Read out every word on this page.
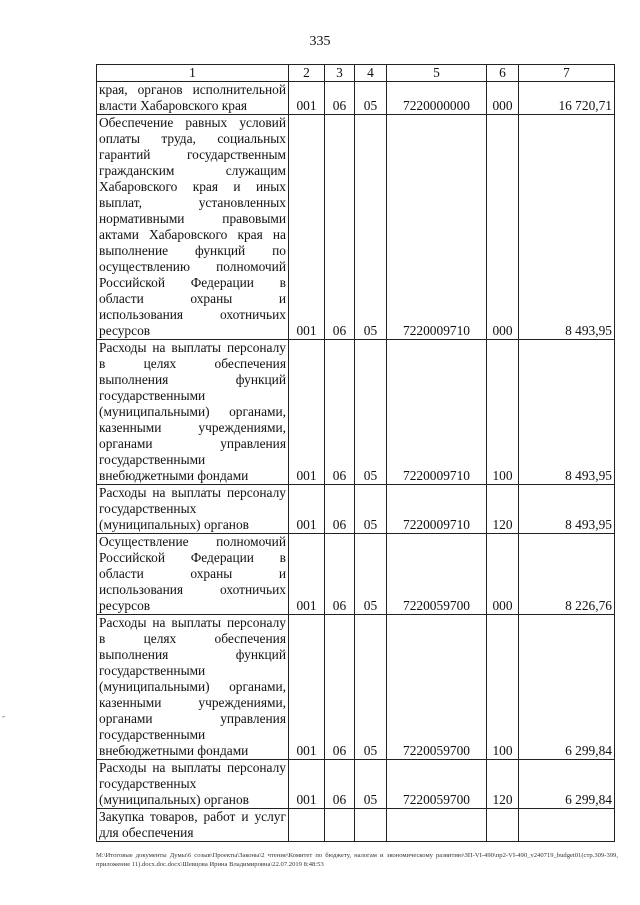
335
1	2	3	4	5	6	7
края, органов исполнительной власти Хабаровского края	001	06	05	7220000000	000	16 720,71
Обеспечение равных условий оплаты труда, социальных гарантий государственным гражданским служащим Хабаровского края и иных выплат, установленных нормативными правовыми актами Хабаровского края на выполнение функций по осуществлению полномочий Российской Федерации в области охраны и использования охотничьих ресурсов	001	06	05	7220009710	000	8 493,95
Расходы на выплаты персоналу в целях обеспечения выполнения функций государственными (муниципальными) органами, казенными учреждениями, органами управления государственными внебюджетными фондами	001	06	05	7220009710	100	8 493,95
Расходы на выплаты персоналу государственных (муниципальных) органов	001	06	05	7220009710	120	8 493,95
Осуществление полномочий Российской Федерации в области охраны и использования охотничьих ресурсов	001	06	05	7220059700	000	8 226,76
Расходы на выплаты персоналу в целях обеспечения выполнения функций государственными (муниципальными) органами, казенными учреждениями, органами управления государственными внебюджетными фондами	001	06	05	7220059700	100	6 299,84
Расходы на выплаты персоналу государственных (муниципальных) органов	001	06	05	7220059700	120	6 299,84
Закупка товаров, работ и услуг для обеспечения						
-
M:\Итоговые документы Думы\6 созыв\Проекты\Законы\2 чтение\Комитет по бюджету, налогам и экономическому развитию\ЗП-VI-490\пр2-VI-490_v240719_budget01(стр.309-399, приложение 11).docx.doc.docx\Шевцова Ирина Владимировна\22.07.2019 8:48:53
